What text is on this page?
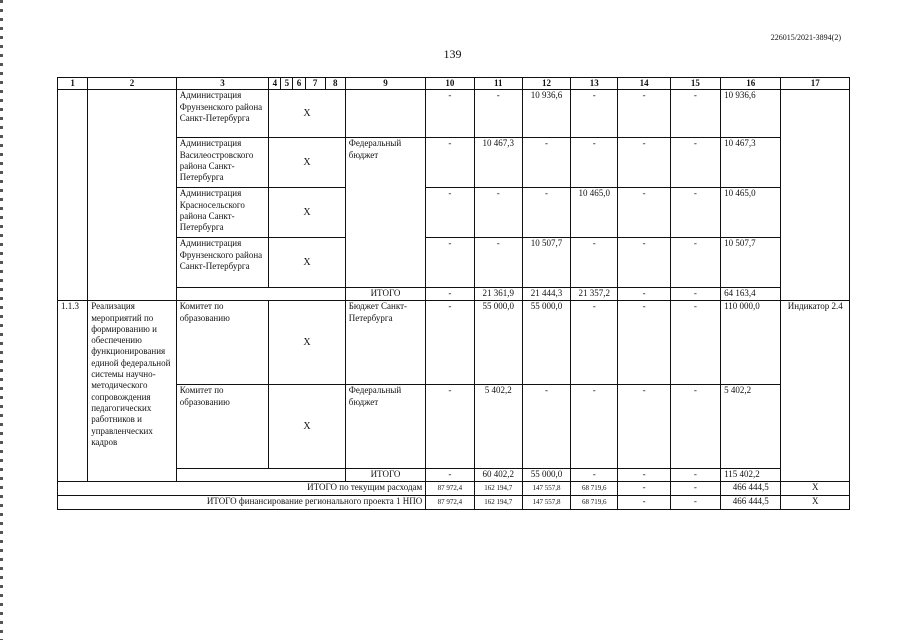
226015/2021-3894(2)
139
1	2	3	4	5	6	7	8	9	10	11	12	13	14	15	16	17
		Администрация Фрунзенского района Санкт-Петербурга	X						-	-	10 936,6	-	-	-	10 936,6	
		Администрация Василеостровского района Санкт-Петербурга	X					Федеральный бюджет	-	10 467,3	-	-	-	-	10 467,3	
		Администрация Красносельского района Санкт-Петербурга	X						-	-	-	10 465,0	-	-	10 465,0	
		Администрация Фрунзенского района Санкт-Петербурга	X						-	-	10 507,7	-	-	-	10 507,7	
								ИТОГО	-	21 361,9	21 444,3	21 357,2	-	-	64 163,4	
1.1.3	Реализация мероприятий по формированию и обеспечению функционирования единой федеральной системы научно-методического сопровождения педагогических работников и управленческих кадров	Комитет по образованию	X					Бюджет Санкт-Петербурга	-	55 000,0	55 000,0	-	-	-	110 000,0	Индикатор 2.4
		Комитет по образованию	X					Федеральный бюджет	-	5 402,2	-	-	-	-	5 402,2	
								ИТОГО	-	60 402,2	55 000,0	-	-	-	115 402,2	
ИТОГО по текущим расходам									87 972,4	162 194,7	147 557,8	68 719,6	-	-	466 444,5	X
ИТОГО финансирование регионального проекта 1 НПО									87 972,4	162 194,7	147 557,8	68 719,6	-	-	466 444,5	X
